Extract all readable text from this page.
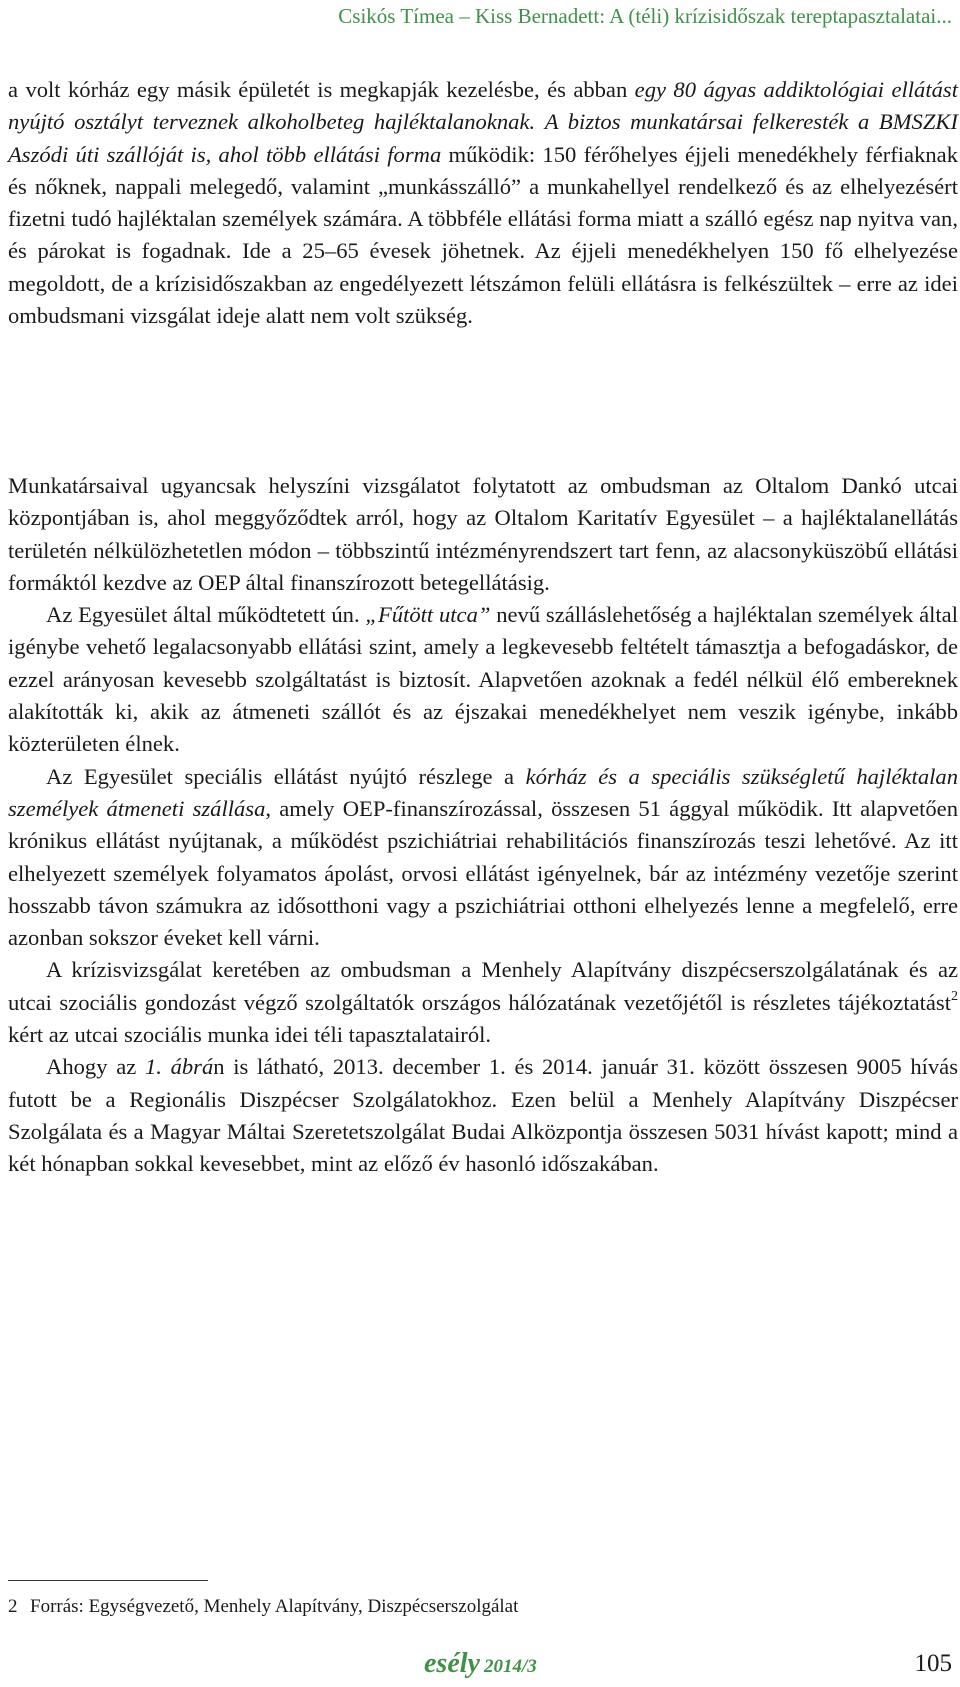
Csikós Tímea – Kiss Bernadett: A (téli) krízisidőszak tereptapasztalatai...

a volt kórház egy másik épületét is megkapják kezelésbe, és abban egy 80 ágyas addiktológiai ellátást nyújtó osztályt terveznek alkoholbeteg hajléktalanoknak. A biztos munkatársai felkeresték a BMSZKI Aszódi úti szállóját is, ahol több ellátási forma működik: 150 férőhelyes éjjeli menedékhely férfiaknak és nőknek, nappali melegedő, valamint „munkásszálló” a munkahellyel rendelkező és az elhelyezésért fizetni tudó hajléktalan személyek számára. A többféle ellátási forma miatt a szálló egész nap nyitva van, és párokat is fogadnak. Ide a 25–65 évesek jöhetnek. Az éjjeli menedékhelyen 150 fő elhelyezése megoldott, de a krízisidőszakban az engedélyezett létszámon felüli ellátásra is felkészültek – erre az idei ombudsmani vizsgálat ideje alatt nem volt szükség.

Munkatársaival ugyancsak helyszíni vizsgálatot folytatott az ombudsman az Oltalom Dankó utcai központjában is, ahol meggyőződtek arról, hogy az Oltalom Karitatív Egyesület – a hajléktalanellátás területén nélkülözhetetlen módon – többszintű intézményrendszert tart fenn, az alacsonyküszöbű ellátási formáktól kezdve az OEP által finanszírozott betegellátásig.

Az Egyesület által működtetett ún. „Fűtött utca” nevű szálláslehetőség a hajléktalan személyek által igénybe vehető legalacsonyabb ellátási szint, amely a legkevesebb feltételt támasztja a befogadáskor, de ezzel arányosan kevesebb szolgáltatást is biztosít. Alapvetően azoknak a fedél nélkül élő embereknek alakították ki, akik az átmeneti szállót és az éjszakai menedékhelyet nem veszik igénybe, inkább közterületen élnek.

Az Egyesület speciális ellátást nyújtó részlege a kórház és a speciális szükségletű hajléktalan személyek átmeneti szállása, amely OEP-finanszírozással, összesen 51 ággyal működik. Itt alapvetően krónikus ellátást nyújtanak, a működést pszichiátriai rehabilitációs finanszírozás teszi lehetővé. Az itt elhelyezett személyek folyamatos ápolást, orvosi ellátást igényelnek, bár az intézmény vezetője szerint hosszabb távon számukra az idősotthoni vagy a pszichiátriai otthoni elhelyezés lenne a megfelelő, erre azonban sokszor éveket kell várni.

A krízisvizsgálat keretében az ombudsman a Menhely Alapítvány diszpécserszolgálatának és az utcai szociális gondozást végző szolgáltatók országos hálózatának vezetőjétől is részletes tájékoztatást$^2$ kért az utcai szociális munka idei téli tapasztalatairól.

Ahogy az 1. ábrán is látható, 2013. december 1. és 2014. január 31. között összesen 9005 hívás futott be a Regionális Diszpécser Szolgálatokhoz. Ezen belül a Menhely Alapítvány Diszpécser Szolgálata és a Magyar Máltai Szeretetszolgálat Budai Alközpontja összesen 5031 hívást kapott; mind a két hónapban sokkal kevesebbet, mint az előző év hasonló időszakában.

2 Forrás: Egységvezető, Menhely Alapítvány, Diszpécserszolgálat
esély 2014/3	105
